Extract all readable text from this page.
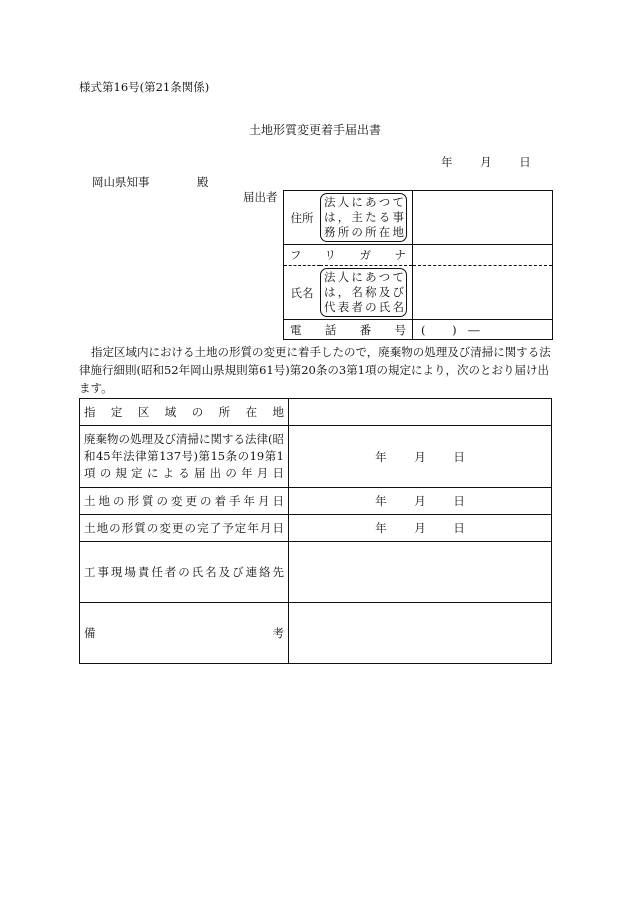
様式第16号(第21条関係)
土地形質変更着手届出書
年 月 日
岡山県知事	殿
届出者
住所	法人にあつては，主たる事務所の所在地	

フリガナ		
氏名	法人にあつては，名称及び代表者の氏名	

電話番号		(　　 )　―
指定区域内における土地の形質の変更に着手したので，廃棄物の処理及び清掃に関する法律施行細則(昭和52年岡山県規則第61号)第20条の3第1項の規定により，次のとおり届け出ます。
指定区域の所在地	
廃棄物の処理及び清掃に関する法律(昭和45年法律第137号)第15条の19第1項の規定による届出の年月日	年 月 日
土地の形質の変更の着手年月日	年 月 日
土地の形質の変更の完了予定年月日	年 月 日
工事現場責任者の氏名及び連絡先	
備考	
